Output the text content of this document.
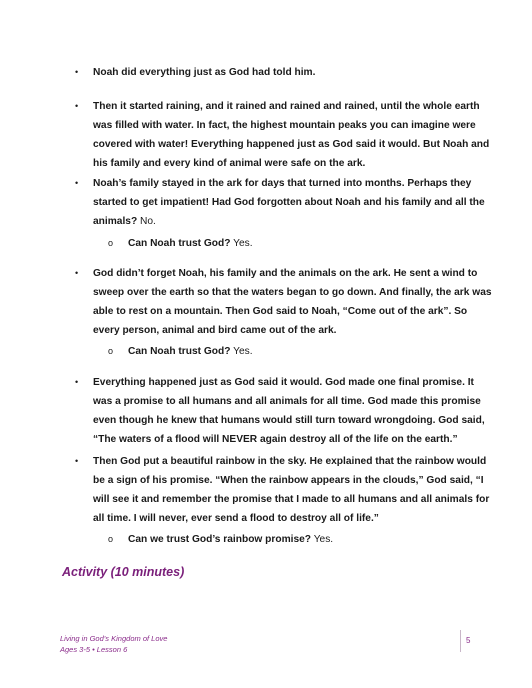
• Noah did everything just as God had told him.
• Then it started raining, and it rained and rained and rained, until the whole earth was filled with water. In fact, the highest mountain peaks you can imagine were covered with water! Everything happened just as God said it would. But Noah and his family and every kind of animal were safe on the ark.
• Noah’s family stayed in the ark for days that turned into months. Perhaps they started to get impatient! Had God forgotten about Noah and his family and all the animals? No.
o Can Noah trust God? Yes.
• God didn’t forget Noah, his family and the animals on the ark. He sent a wind to sweep over the earth so that the waters began to go down. And finally, the ark was able to rest on a mountain. Then God said to Noah, “Come out of the ark”. So every person, animal and bird came out of the ark.
o Can Noah trust God? Yes.
• Everything happened just as God said it would. God made one final promise. It was a promise to all humans and all animals for all time. God made this promise even though he knew that humans would still turn toward wrongdoing. God said, “The waters of a flood will NEVER again destroy all of the life on the earth.”
• Then God put a beautiful rainbow in the sky. He explained that the rainbow would be a sign of his promise. “When the rainbow appears in the clouds,” God said, “I will see it and remember the promise that I made to all humans and all animals for all time. I will never, ever send a flood to destroy all of life.”
o Can we trust God’s rainbow promise? Yes.
Activity (10 minutes)
Living in God’s Kingdom of Love
Ages 3-5 • Lesson 6
5
